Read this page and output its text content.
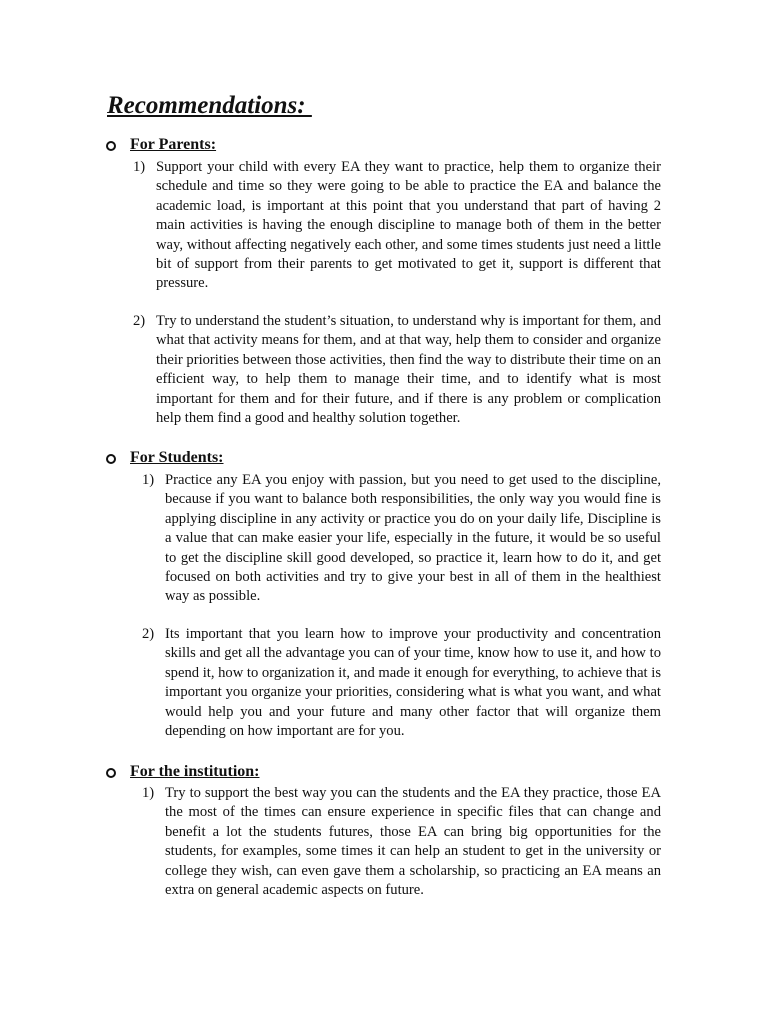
Recommendations:
For Parents:
1) Support your child with every EA they want to practice, help them to organize their schedule and time so they were going to be able to practice the EA and balance the academic load, is important at this point that you understand that part of having 2 main activities is having the enough discipline to manage both of them in the better way, without affecting negatively each other, and some times students just need a little bit of support from their parents to get motivated to get it, support is different that pressure.

2) Try to understand the student’s situation, to understand why is important for them, and what that activity means for them, and at that way, help them to consider and organize their priorities between those activities, then find the way to distribute their time on an efficient way, to help them to manage their time, and to identify what is most important for them and for their future, and if there is any problem or complication help them find a good and healthy solution together.

For Students:
1) Practice any EA you enjoy with passion, but you need to get used to the discipline, because if you want to balance both responsibilities, the only way you would fine is applying discipline in any activity or practice you do on your daily life, Discipline is a value that can make easier your life, especially in the future, it would be so useful to get the discipline skill good developed, so practice it, learn how to do it, and get focused on both activities and try to give your best in all of them in the healthiest way as possible.

2) Its important that you learn how to improve your productivity and concentration skills and get all the advantage you can of your time, know how to use it, and how to spend it, how to organization it, and made it enough for everything, to achieve that is important you organize your priorities, considering what is what you want, and what would help you and your future and many other factor that will organize them depending on how important are for you.

For the institution:
1) Try to support the best way you can the students and the EA they practice, those EA the most of the times can ensure experience in specific files that can change and benefit a lot the students futures, those EA can bring big opportunities for the students, for examples, some times it can help an student to get in the university or college they wish, can even gave them a scholarship, so practicing an EA means an extra on general academic aspects on future.
